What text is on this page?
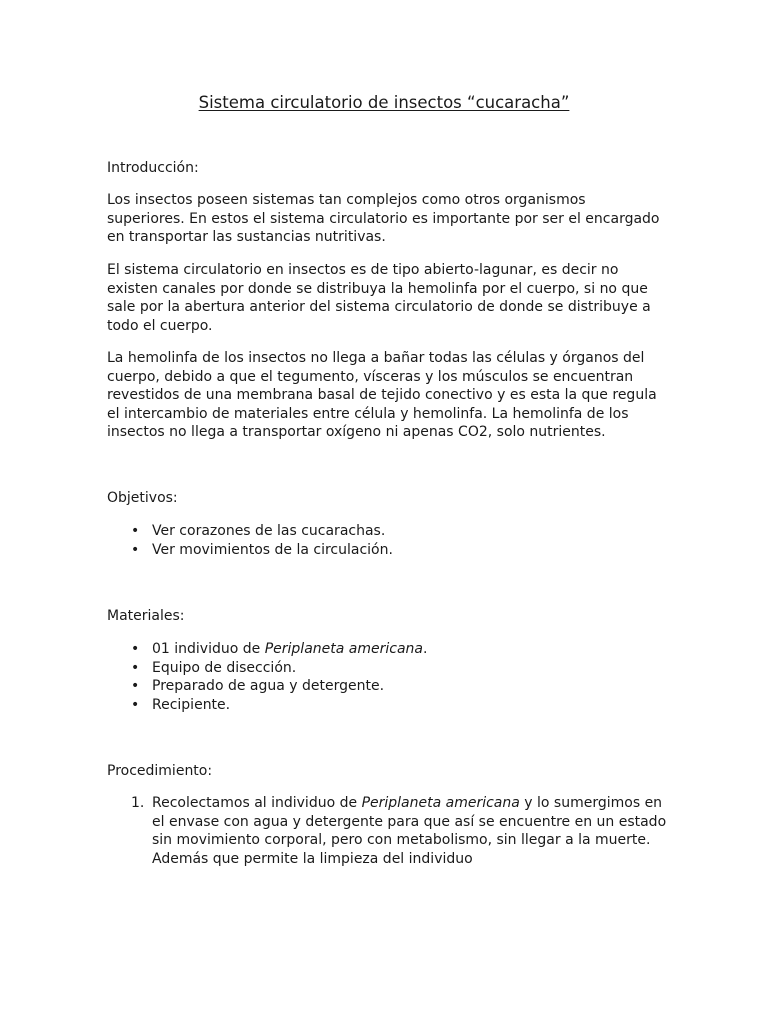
Sistema circulatorio de insectos “cucaracha”
Introducción:

Los insectos poseen sistemas tan complejos como otros organismos superiores. En estos el sistema circulatorio es importante por ser el encargado en transportar las sustancias nutritivas.

El sistema circulatorio en insectos es de tipo abierto-lagunar, es decir no existen canales por donde se distribuya la hemolinfa por el cuerpo, si no que sale por la abertura anterior del sistema circulatorio de donde se distribuye a todo el cuerpo.

La hemolinfa de los insectos no llega a bañar todas las células y órganos del cuerpo, debido a que el tegumento, vísceras y los músculos se encuentran revestidos de una membrana basal de tejido conectivo y es esta la que regula el intercambio de materiales entre célula y hemolinfa. La hemolinfa de los insectos no llega a transportar oxígeno ni apenas CO2, solo nutrientes.

Objetivos:
• Ver corazones de las cucarachas.
• Ver movimientos de la circulación.
Materiales:
• 01 individuo de Periplaneta americana.
• Equipo de disección.
• Preparado de agua y detergente.
• Recipiente.
Procedimiento:
1. Recolectamos al individuo de Periplaneta americana y lo sumergimos en el envase con agua y detergente para que así se encuentre en un estado sin movimiento corporal, pero con metabolismo, sin llegar a la muerte. Además que permite la limpieza del individuo
